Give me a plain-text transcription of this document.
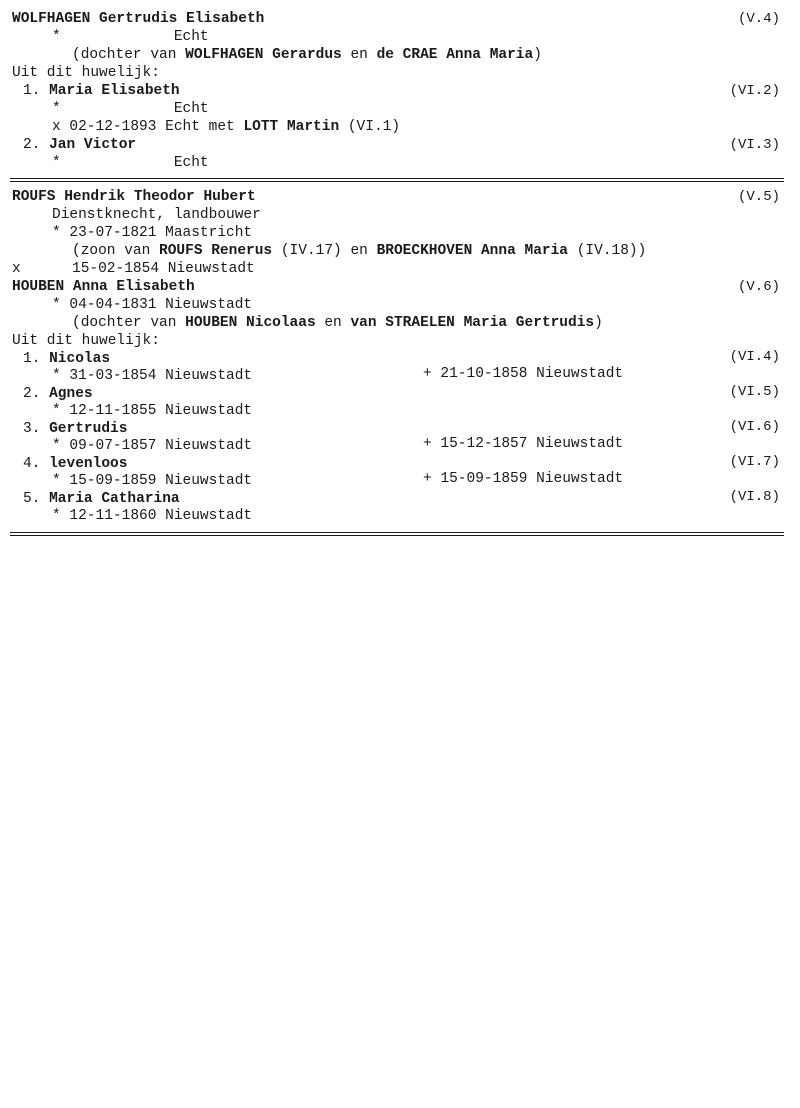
WOLFHAGEN Gertrudis Elisabeth	(V.4)
*             Echt
(dochter van WOLFHAGEN Gerardus en de CRAE Anna Maria)
Uit dit huwelijk:
1. Maria Elisabeth	(VI.2)
*             Echt
x 02-12-1893 Echt met LOTT Martin (VI.1)
2. Jan Victor	(VI.3)
*             Echt
ROUFS Hendrik Theodor Hubert	(V.5)
Dienstknecht, landbouwer
* 23-07-1821 Maastricht
(zoon van ROUFS Renerus (IV.17) en BROECKHOVEN Anna Maria (IV.18))
x	15-02-1854 Nieuwstadt
HOUBEN Anna Elisabeth	(V.6)
* 04-04-1831 Nieuwstadt
(dochter van HOUBEN Nicolaas en van STRAELEN Maria Gertrudis)
Uit dit huwelijk:
1. Nicolas	(VI.4)
* 31-03-1854 Nieuwstadt	+ 21-10-1858 Nieuwstadt
2. Agnes	(VI.5)
* 12-11-1855 Nieuwstadt
3. Gertrudis	(VI.6)
* 09-07-1857 Nieuwstadt	+ 15-12-1857 Nieuwstadt
4. levenloos	(VI.7)
* 15-09-1859 Nieuwstadt	+ 15-09-1859 Nieuwstadt
5. Maria Catharina	(VI.8)
* 12-11-1860 Nieuwstadt
